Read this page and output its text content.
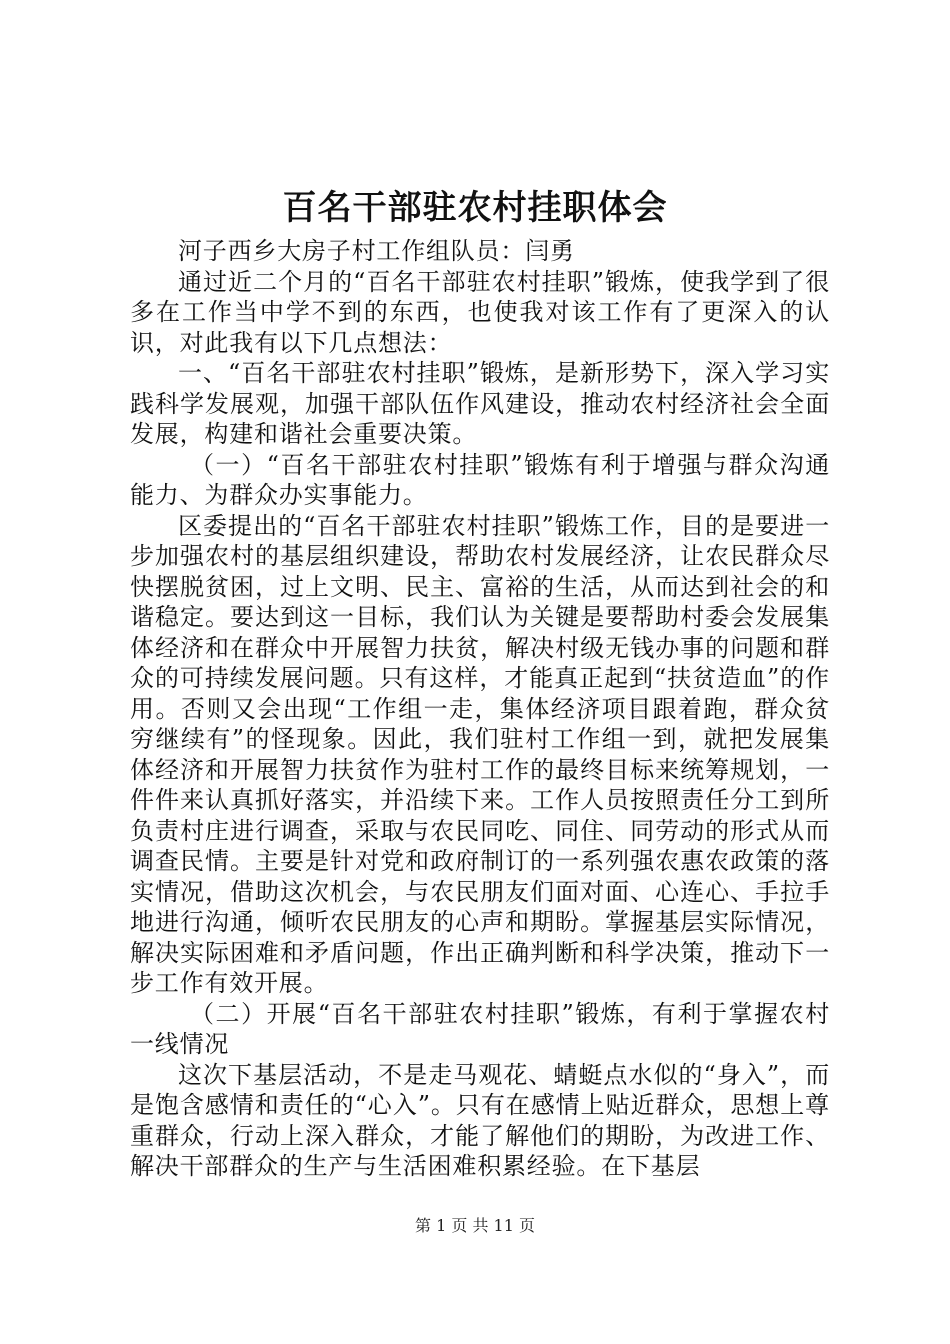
百名干部驻农村挂职体会

河子西乡大房子村工作组队员：闫勇

通过近二个月的“百名干部驻农村挂职”锻炼，使我学到了很多在工作当中学不到的东西，也使我对该工作有了更深入的认识，对此我有以下几点想法：

一、“百名干部驻农村挂职”锻炼，是新形势下，深入学习实践科学发展观，加强干部队伍作风建设，推动农村经济社会全面发展，构建和谐社会重要决策。

（一）“百名干部驻农村挂职”锻炼有利于增强与群众沟通能力、为群众办实事能力。

区委提出的“百名干部驻农村挂职”锻炼工作，目的是要进一步加强农村的基层组织建设，帮助农村发展经济，让农民群众尽快摆脱贫困，过上文明、民主、富裕的生活，从而达到社会的和谐稳定。要达到这一目标，我们认为关键是要帮助村委会发展集体经济和在群众中开展智力扶贫，解决村级无钱办事的问题和群众的可持续发展问题。只有这样，才能真正起到“扶贫造血”的作用。否则又会出现“工作组一走，集体经济项目跟着跑，群众贫穷继续有”的怪现象。因此，我们驻村工作组一到，就把发展集体经济和开展智力扶贫作为驻村工作的最终目标来统筹规划，一件件来认真抓好落实，并沿续下来。工作人员按照责任分工到所负责村庄进行调查，采取与农民同吃、同住、同劳动的形式从而调查民情。主要是针对党和政府制订的一系列强农惠农政策的落实情况，借助这次机会，与农民朋友们面对面、心连心、手拉手地进行沟通，倾听农民朋友的心声和期盼。掌握基层实际情况，解决实际困难和矛盾问题，作出正确判断和科学决策，推动下一步工作有效开展。

（二）开展“百名干部驻农村挂职”锻炼，有利于掌握农村一线情况

这次下基层活动，不是走马观花、蜻蜓点水似的“身入”，而是饱含感情和责任的“心入”。只有在感情上贴近群众，思想上尊重群众，行动上深入群众，才能了解他们的期盼，为改进工作、解决干部群众的生产与生活困难积累经验。在下基层

第 1 页 共 11 页
